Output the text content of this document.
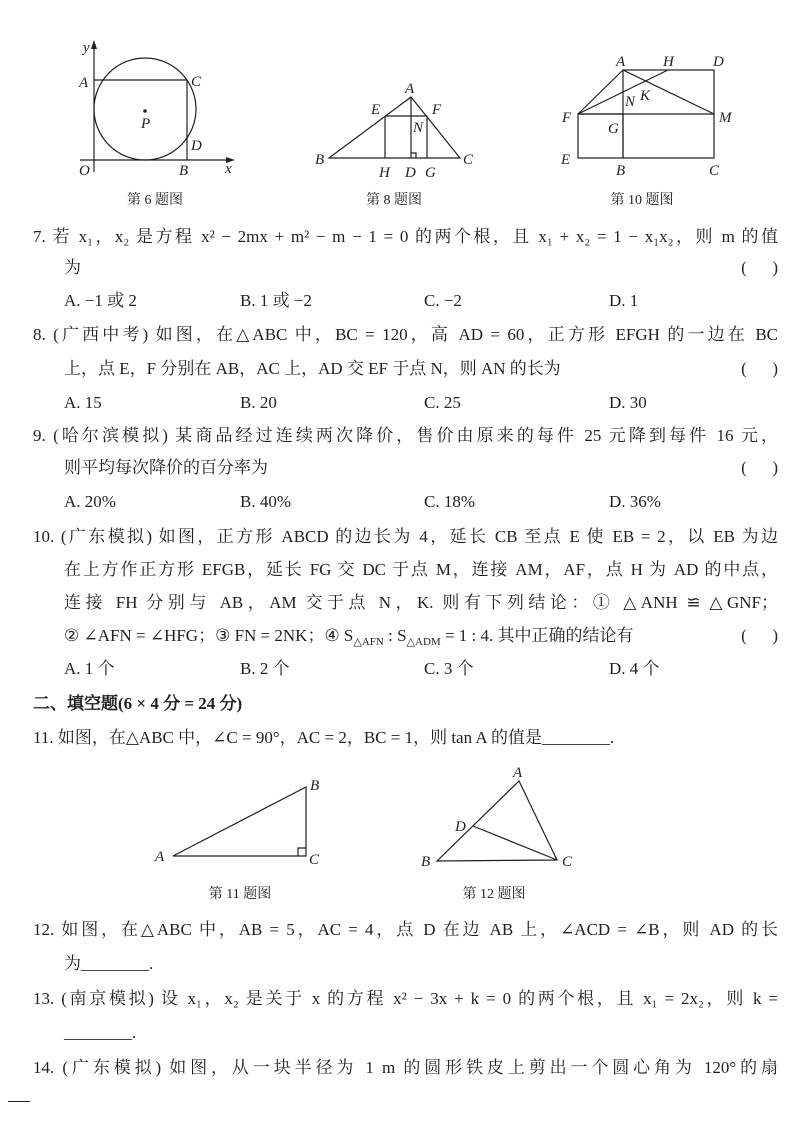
y
A	C
P
D
O	B x
第 6 题图
A
E	F
N
B
H D G
C
第 8 题图
A	H	D
N K
F
G
M
E
B	C
第 10 题图
B
A	C
第 11 题图
A
D
B	C
第 12 题图
7. 若 x₁，x₂ 是方程 x² − 2mx + m² − m − 1 = 0 的两个根，且 x₁ + x₂ = 1 − x₁x₂，则 m 的值
为	(      )
A. −1 或 2	B. 1 或 −2	C. −2	D. 1
8. (广西中考) 如图，在△ABC 中，BC = 120，高 AD = 60，正方形 EFGH 的一边在 BC
上，点 E，F 分别在 AB，AC 上，AD 交 EF 于点 N，则 AN 的长为	(      )
A. 15	B. 20	C. 25	D. 30
9. (哈尔滨模拟) 某商品经过连续两次降价，售价由原来的每件 25 元降到每件 16 元，
则平均每次降价的百分率为	(      )
A. 20%	B. 40%	C. 18%	D. 36%
10. (广东模拟) 如图，正方形 ABCD 的边长为 4，延长 CB 至点 E 使 EB = 2，以 EB 为边
在上方作正方形 EFGB，延长 FG 交 DC 于点 M，连接 AM，AF，点 H 为 AD 的中点，
连接 FH 分别与 AB，AM 交于点 N，K. 则有下列结论：① △ANH ≌ △GNF；
② ∠AFN = ∠HFG；③ FN = 2NK；④ $S_{\triangle AFN}$ : $S_{\triangle ADM} = 1$ : 4. 其中正确的结论有	(      )
A. 1 个	B. 2 个	C. 3 个	D. 4 个
二、填空题(6 × 4 分 = 24 分)
11. 如图，在△ABC 中，∠C = 90°，AC = 2，BC = 1，则 tan A 的值是________.
12. 如图，在△ABC 中，AB = 5，AC = 4，点 D 在边 AB 上，∠ACD = ∠B，则 AD 的长
为________.
13. (南京模拟) 设 x₁，x₂ 是关于 x 的方程 x² − 3x + k = 0 的两个根，且 x₁ = 2x₂，则 k =
________.
14. (广东模拟) 如图，从一块半径为 1 m 的圆形铁皮上剪出一个圆心角为 120°的扇
